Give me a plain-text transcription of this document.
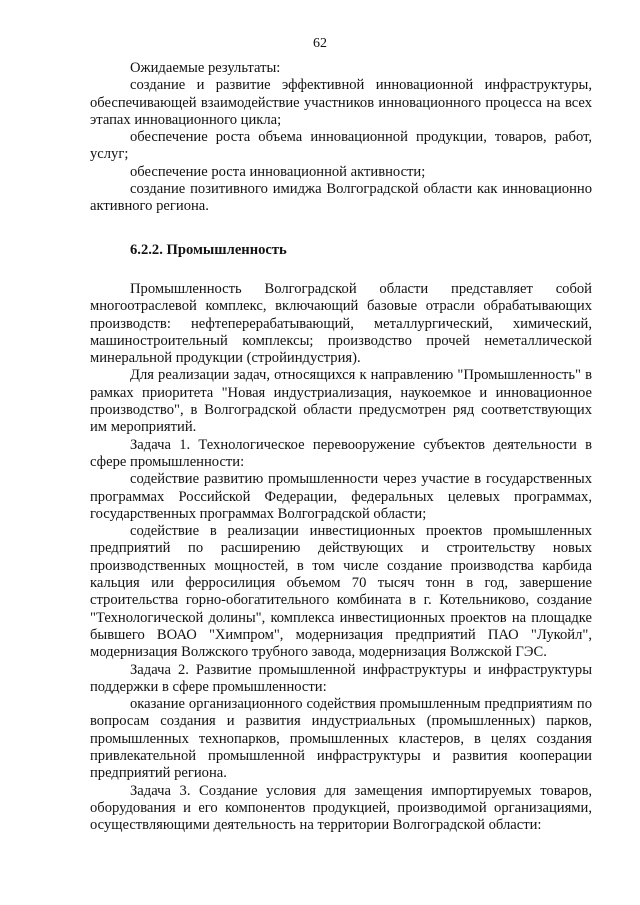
62

Ожидаемые результаты:

создание и развитие эффективной инновационной инфраструктуры, обеспечивающей взаимодействие участников инновационного процесса на всех этапах инновационного цикла;

обеспечение роста объема инновационной продукции, товаров, работ, услуг;

обеспечение роста инновационной активности;

создание позитивного имиджа Волгоградской области как инновационно активного региона.

6.2.2. Промышленность

Промышленность Волгоградской области представляет собой многоотраслевой комплекс, включающий базовые отрасли обрабатывающих производств: нефтеперерабатывающий, металлургический, химический, машиностроительный комплексы; производство прочей неметаллической минеральной продукции (стройиндустрия).

Для реализации задач, относящихся к направлению "Промышленность" в рамках приоритета "Новая индустриализация, наукоемкое и инновационное производство", в Волгоградской области предусмотрен ряд соответствующих им мероприятий.

Задача 1. Технологическое перевооружение субъектов деятельности в сфере промышленности:

содействие развитию промышленности через участие в государственных программах Российской Федерации, федеральных целевых программах, государственных программах Волгоградской области;

содействие в реализации инвестиционных проектов промышленных предприятий по расширению действующих и строительству новых производственных мощностей, в том числе создание производства карбида кальция или ферросилиция объемом 70 тысяч тонн в год, завершение строительства горно-обогатительного комбината в г. Котельниково, создание "Технологической долины", комплекса инвестиционных проектов на площадке бывшего ВОАО "Химпром", модернизация предприятий ПАО "Лукойл", модернизация Волжского трубного завода, модернизация Волжской ГЭС.

Задача 2. Развитие промышленной инфраструктуры и инфраструктуры поддержки в сфере промышленности:

оказание организационного содействия промышленным предприятиям по вопросам создания и развития индустриальных (промышленных) парков, промышленных технопарков, промышленных кластеров, в целях создания привлекательной промышленной инфраструктуры и развития кооперации предприятий региона.

Задача 3. Создание условия для замещения импортируемых товаров, оборудования и его компонентов продукцией, производимой организациями, осуществляющими деятельность на территории Волгоградской области:
